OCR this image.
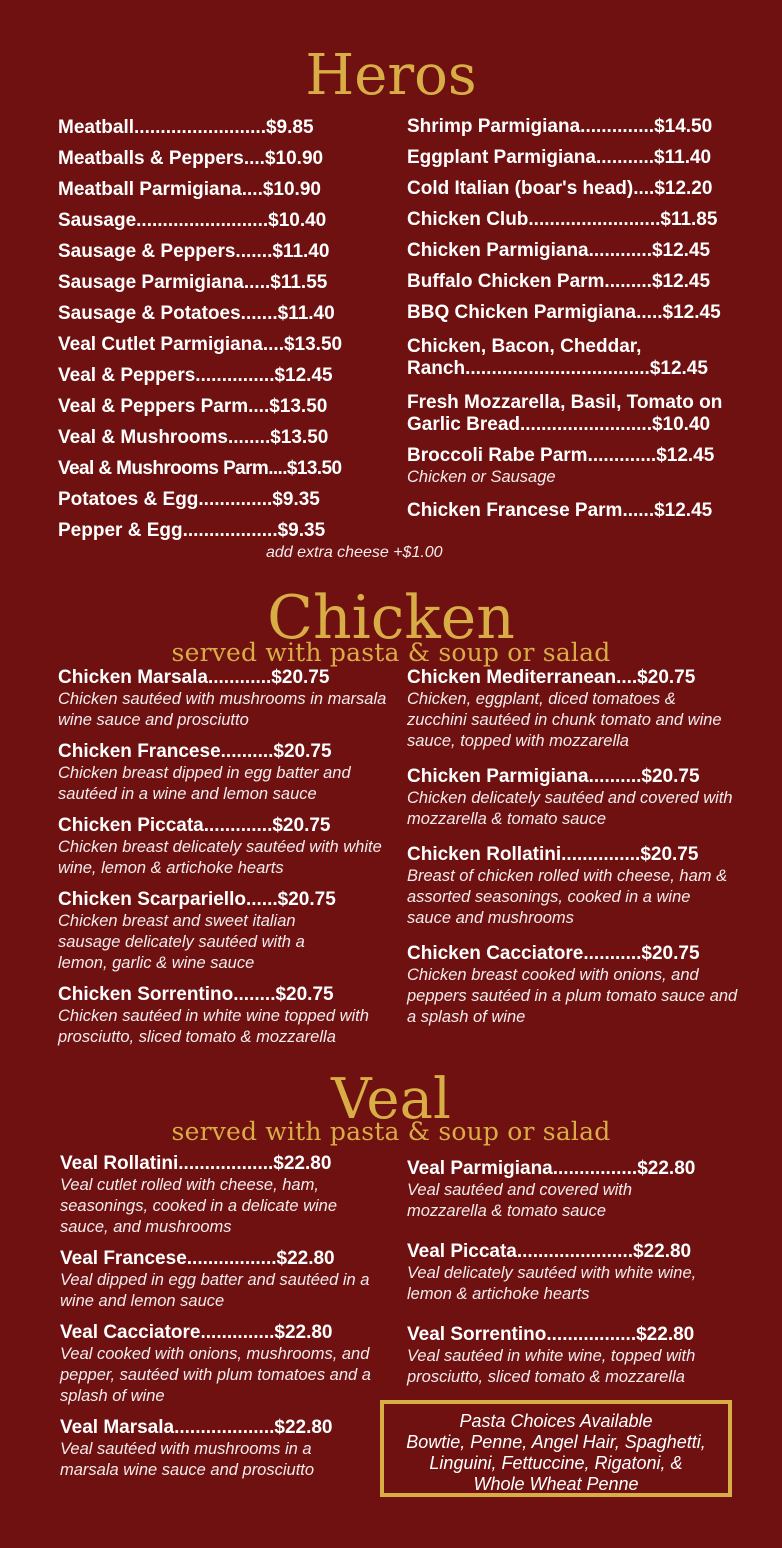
Heros
Meatball.........................$9.85
Meatballs & Peppers....$10.90
Meatball Parmigiana....$10.90
Sausage.........................$10.40
Sausage & Peppers.......$11.40
Sausage Parmigiana.....$11.55
Sausage & Potatoes.......$11.40
Veal Cutlet Parmigiana....$13.50
Veal & Peppers...............$12.45
Veal & Peppers Parm....$13.50
Veal & Mushrooms........$13.50
Veal & Mushrooms Parm....$13.50
Potatoes & Egg..............$9.35
Pepper & Egg..................$9.35
Shrimp Parmigiana..............$14.50
Eggplant Parmigiana...........$11.40
Cold Italian (boar's head)....$12.20
Chicken Club.........................$11.85
Chicken Parmigiana............$12.45
Buffalo Chicken Parm.........$12.45
BBQ Chicken Parmigiana.....$12.45
Chicken, Bacon, Cheddar,
Ranch...................................$12.45
Fresh Mozzarella, Basil, Tomato on
Garlic Bread.........................$10.40
Broccoli Rabe Parm.............$12.45
Chicken or Sausage
Chicken Francese Parm......$12.45
add extra cheese +$1.00
Chicken
served with pasta & soup or salad
Chicken Marsala............$20.75
Chicken sautéed with mushrooms in marsala wine sauce and prosciutto
Chicken Francese..........$20.75
Chicken breast dipped in egg batter and sautéed in a wine and lemon sauce
Chicken Piccata.............$20.75
Chicken breast delicately sautéed with white wine, lemon & artichoke hearts
Chicken Scarpariello......$20.75
Chicken breast and sweet italian sausage delicately sautéed with a lemon, garlic & wine sauce
Chicken Sorrentino........$20.75
Chicken sautéed in white wine topped with prosciutto, sliced tomato & mozzarella
Chicken Mediterranean....$20.75
Chicken, eggplant, diced tomatoes & zucchini sautéed in chunk tomato and wine sauce, topped with mozzarella
Chicken Parmigiana..........$20.75
Chicken delicately sautéed and covered with mozzarella & tomato sauce
Chicken Rollatini...............$20.75
Breast of chicken rolled with cheese, ham & assorted seasonings, cooked in a wine sauce and mushrooms
Chicken Cacciatore...........$20.75
Chicken breast cooked with onions, and peppers sautéed in a plum tomato sauce and a splash of wine
Veal
served with pasta & soup or salad
Veal Rollatini..................$22.80
Veal cutlet rolled with cheese, ham, seasonings, cooked in a delicate wine sauce, and mushrooms
Veal Francese.................$22.80
Veal dipped in egg batter and sautéed in a wine and lemon sauce
Veal Cacciatore..............$22.80
Veal cooked with onions, mushrooms, and pepper, sautéed with plum tomatoes and a splash of wine
Veal Marsala...................$22.80
Veal sautéed with mushrooms in a marsala wine sauce and prosciutto
Veal Parmigiana................$22.80
Veal sautéed and covered with mozzarella & tomato sauce
Veal Piccata......................$22.80
Veal delicately sautéed with white wine, lemon & artichoke hearts
Veal Sorrentino.................$22.80
Veal sautéed in white wine, topped with prosciutto, sliced tomato & mozzarella
Pasta Choices Available
Bowtie, Penne, Angel Hair, Spaghetti,
Linguini, Fettuccine, Rigatoni, &
Whole Wheat Penne
